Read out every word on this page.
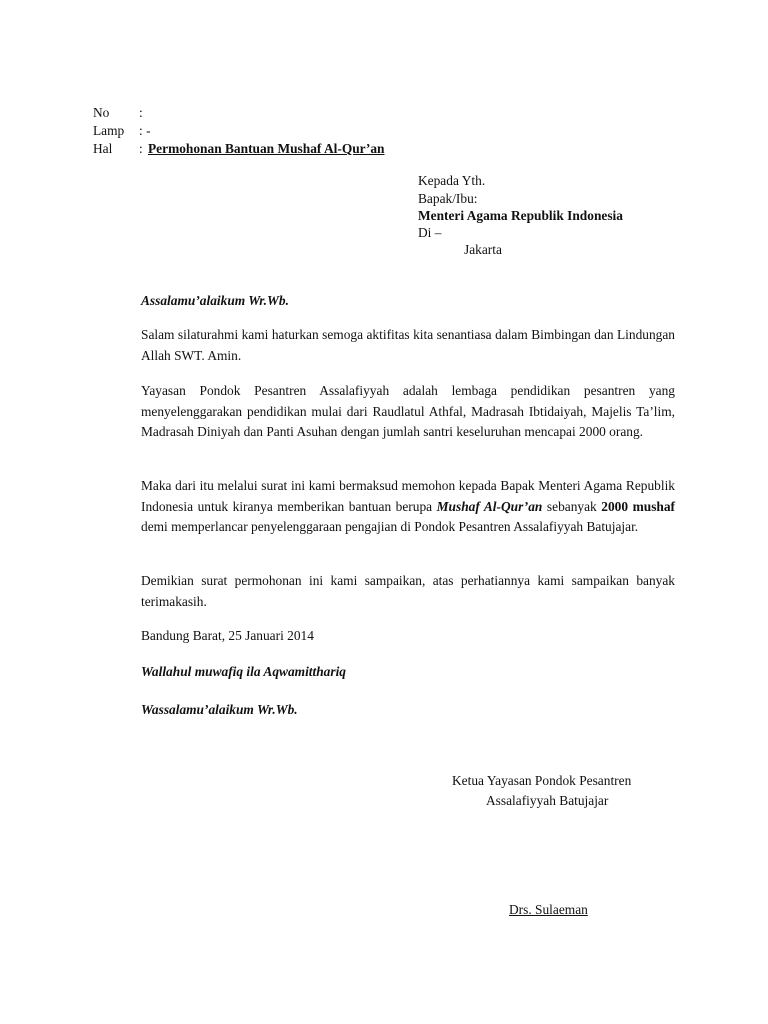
No :
Lamp : -
Hal : Permohonan Bantuan Mushaf Al-Qur’an
Kepada Yth.
Bapak/Ibu:
Menteri Agama Republik Indonesia
Di –
Jakarta
Assalamu’alaikum Wr.Wb.
Salam silaturahmi kami haturkan semoga aktifitas kita senantiasa dalam Bimbingan dan Lindungan Allah SWT. Amin.
Yayasan Pondok Pesantren Assalafiyyah adalah lembaga pendidikan pesantren yang menyelenggarakan pendidikan mulai dari Raudlatul Athfal, Madrasah Ibtidaiyah, Majelis Ta’lim, Madrasah Diniyah dan Panti Asuhan dengan jumlah santri keseluruhan mencapai 2000 orang.
Maka dari itu melalui surat ini kami bermaksud memohon kepada Bapak Menteri Agama Republik Indonesia untuk kiranya memberikan bantuan berupa Mushaf Al-Qur’an sebanyak 2000 mushaf demi memperlancar penyelenggaraan pengajian di Pondok Pesantren Assalafiyyah Batujajar.
Demikian surat permohonan ini kami sampaikan, atas perhatiannya kami sampaikan banyak terimakasih.
Bandung Barat, 25 Januari 2014
Wallahul muwafiq ila Aqwamitthariq
Wassalamu’alaikum Wr.Wb.
Ketua Yayasan Pondok Pesantren
Assalafiyyah Batujajar
Drs. Sulaeman
